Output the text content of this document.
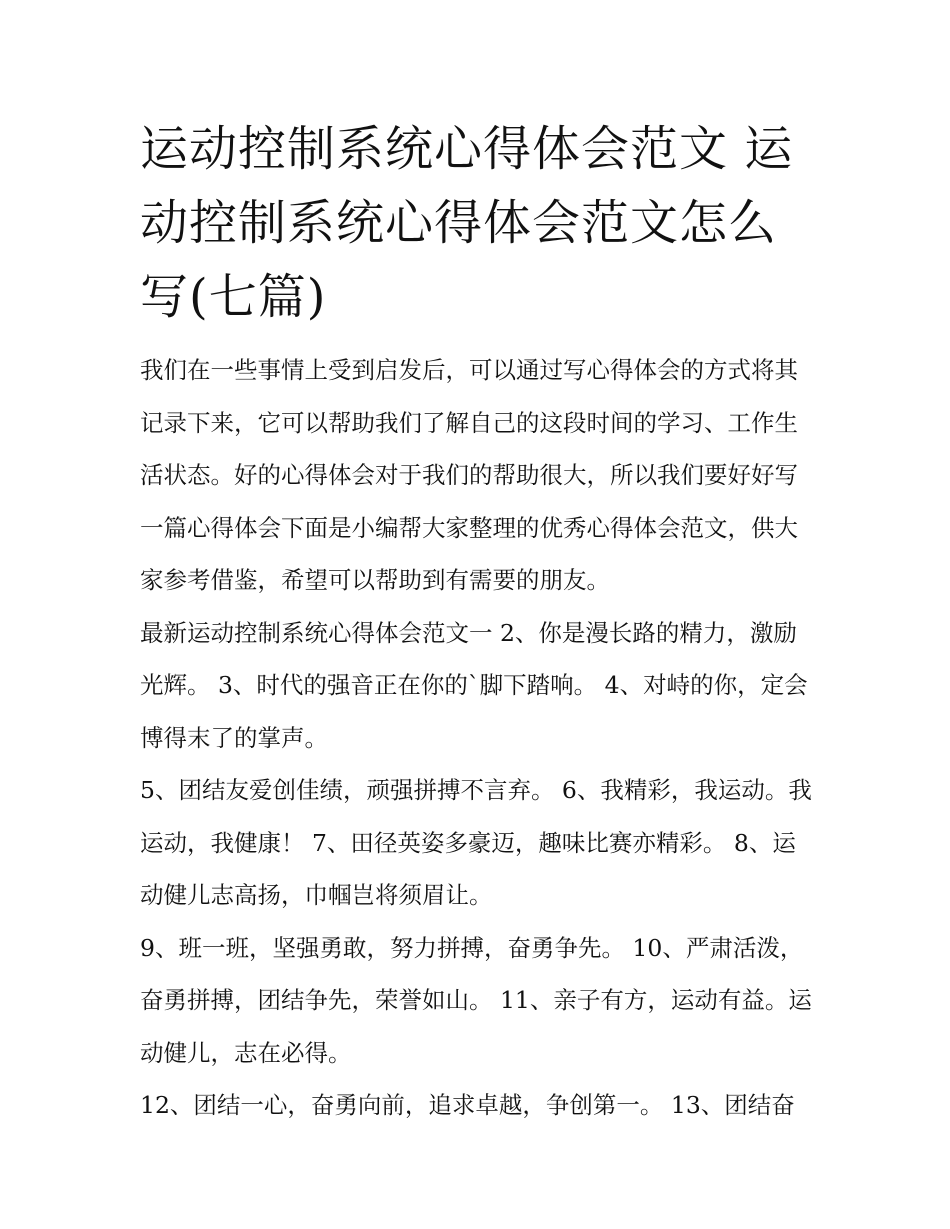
运动控制系统心得体会范文 运动控制系统心得体会范文怎么写(七篇)

我们在一些事情上受到启发后，可以通过写心得体会的方式将其记录下来，它可以帮助我们了解自己的这段时间的学习、工作生活状态。好的心得体会对于我们的帮助很大，所以我们要好好写一篇心得体会下面是小编帮大家整理的优秀心得体会范文，供大家参考借鉴，希望可以帮助到有需要的朋友。

最新运动控制系统心得体会范文一 2、你是漫长路的精力，激励光辉。 3、时代的强音正在你的`脚下踏响。 4、对峙的你，定会博得末了的掌声。

5、团结友爱创佳绩，顽强拼搏不言弃。 6、我精彩，我运动。我运动，我健康！ 7、田径英姿多豪迈，趣味比赛亦精彩。 8、运动健儿志高扬，巾帼岂将须眉让。

9、班一班，坚强勇敢，努力拼搏，奋勇争先。 10、严肃活泼，奋勇拼搏，团结争先，荣誉如山。 11、亲子有方，运动有益。运动健儿，志在必得。

12、团结一心，奋勇向前，追求卓越，争创第一。 13、团结奋
